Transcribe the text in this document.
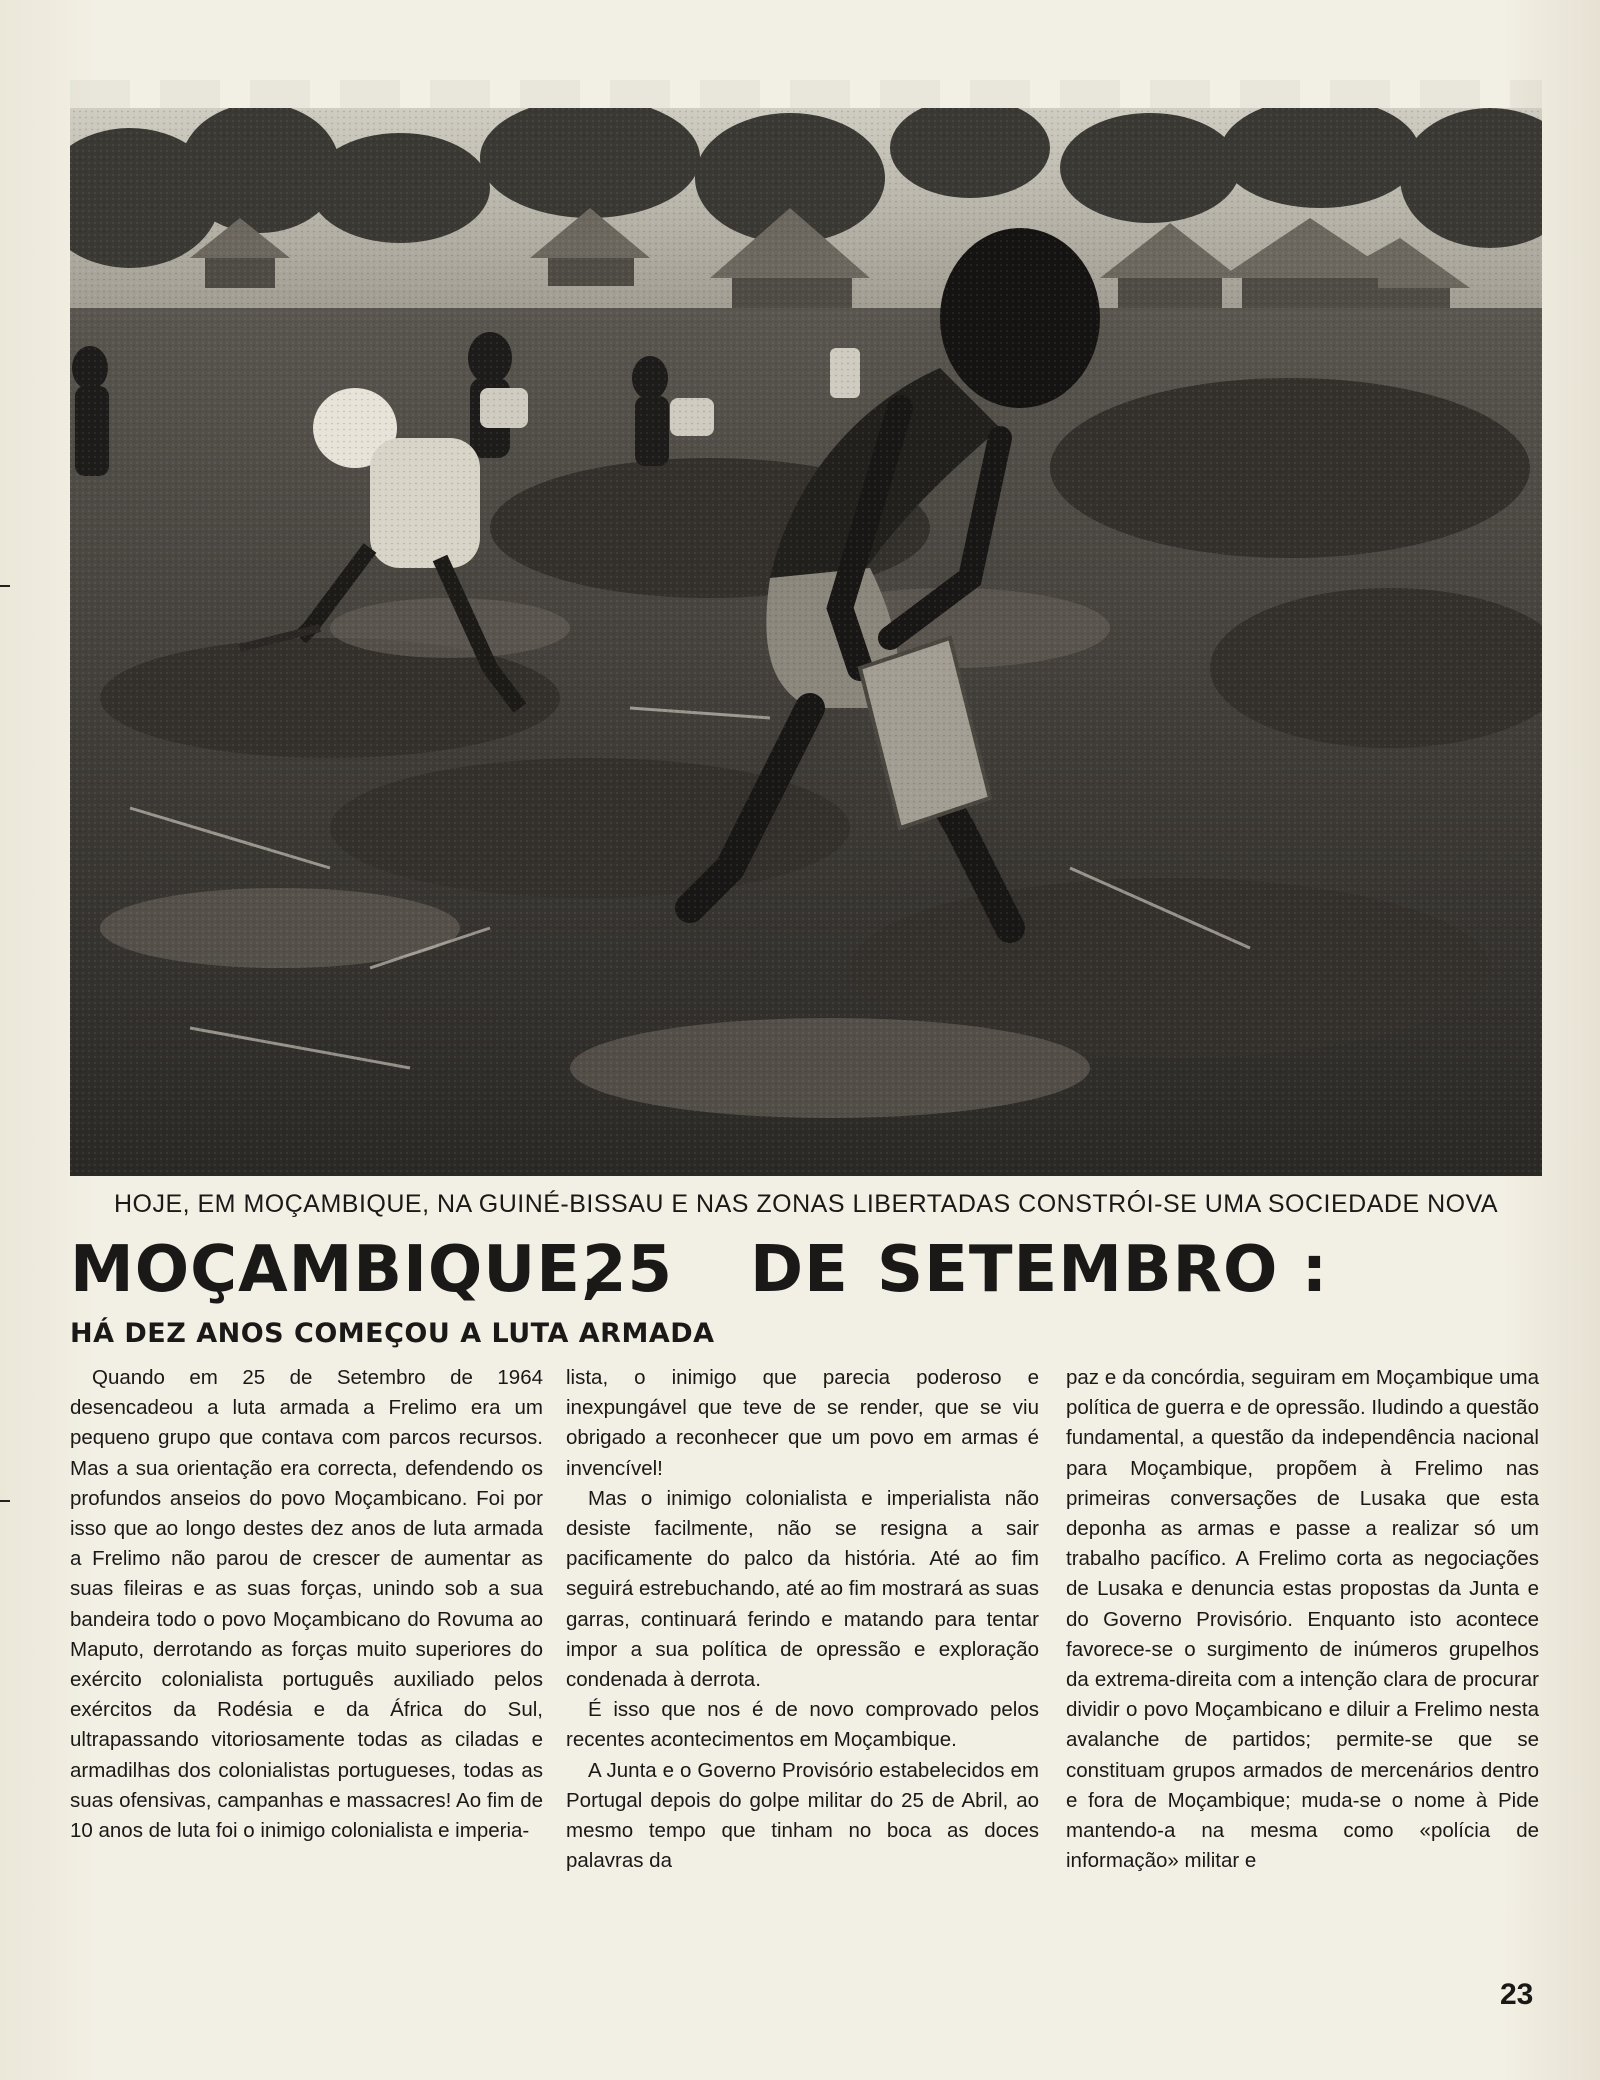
HOJE, EM MOÇAMBIQUE, NA GUINÉ-BISSAU E NAS ZONAS LIBERTADAS CONSTRÓI-SE UMA SOCIEDADE NOVA
MOÇAMBIQUE,
25 DE SETEMBRO :
HÁ DEZ ANOS COMEÇOU A LUTA ARMADA

Quando em 25 de Setembro de 1964 desencadeou a luta armada a Frelimo era um pequeno grupo que contava com parcos recursos. Mas a sua orientação era correcta, defendendo os profundos anseios do povo Moçambicano. Foi por isso que ao longo destes dez anos de luta armada a Frelimo não parou de crescer de aumentar as suas fileiras e as suas forças, unindo sob a sua bandeira todo o povo Moçambicano do Rovuma ao Maputo, derrotando as forças muito superiores do exército colonialista português auxiliado pelos exércitos da Rodésia e da África do Sul, ultrapassando vitoriosamente todas as ciladas e armadilhas dos colonialistas portugueses, todas as suas ofensivas, campanhas e massacres! Ao fim de 10 anos de luta foi o inimigo colonialista e imperia-

lista, o inimigo que parecia poderoso e inexpungável que teve de se render, que se viu obrigado a reconhecer que um povo em armas é invencível!

Mas o inimigo colonialista e imperialista não desiste facilmente, não se resigna a sair pacificamente do palco da história. Até ao fim seguirá estrebuchando, até ao fim mostrará as suas garras, continuará ferindo e matando para tentar impor a sua política de opressão e exploração condenada à derrota.

É isso que nos é de novo comprovado pelos recentes acontecimentos em Moçambique.

A Junta e o Governo Provisório estabelecidos em Portugal depois do golpe militar do 25 de Abril, ao mesmo tempo que tinham no boca as doces palavras da

paz e da concórdia, seguiram em Moçambique uma política de guerra e de opressão. Iludindo a questão fundamental, a questão da independência nacional para Moçambique, propõem à Frelimo nas primeiras conversações de Lusaka que esta deponha as armas e passe a realizar só um trabalho pacífico. A Frelimo corta as negociações de Lusaka e denuncia estas propostas da Junta e do Governo Provisório. Enquanto isto acontece favorece-se o surgimento de inúmeros grupelhos da extrema-direita com a intenção clara de procurar dividir o povo Moçambicano e diluir a Frelimo nesta avalanche de partidos; permite-se que se constituam grupos armados de mercenários dentro e fora de Moçambique; muda-se o nome à Pide mantendo-a na mesma como «polícia de informação» militar e

23
